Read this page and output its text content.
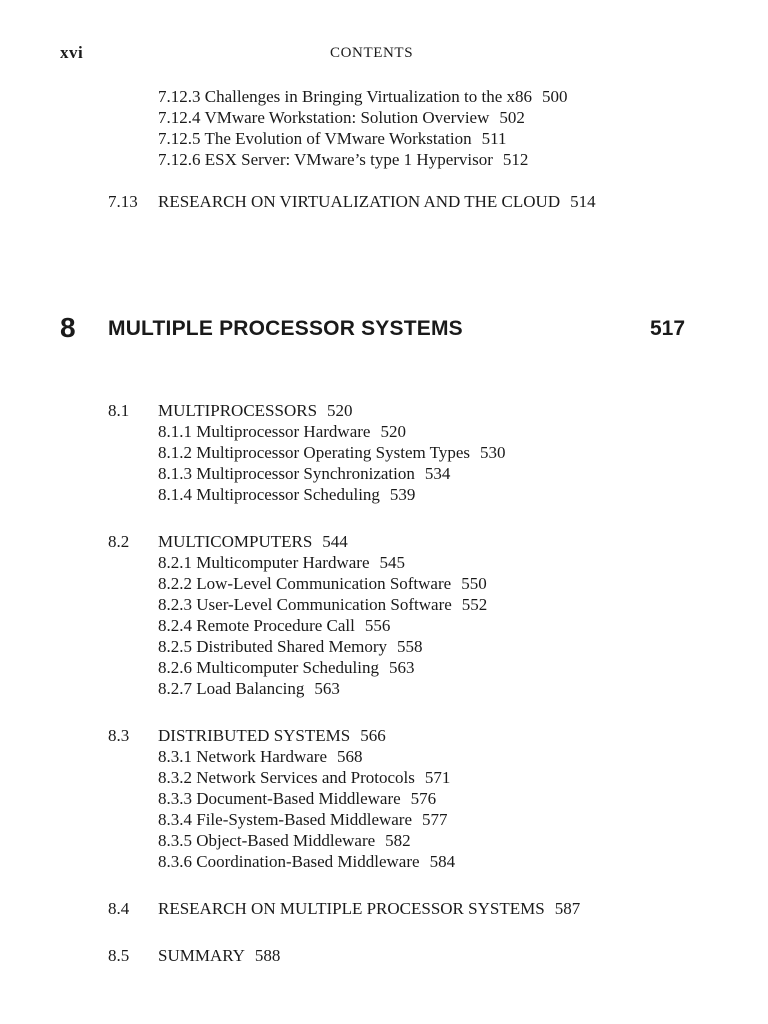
xvi	CONTENTS
7.12.3 Challenges in Bringing Virtualization to the x86 500
7.12.4 VMware Workstation: Solution Overview 502
7.12.5 The Evolution of VMware Workstation 511
7.12.6 ESX Server: VMware’s type 1 Hypervisor 512
7.13 RESEARCH ON VIRTUALIZATION AND THE CLOUD 514
8 MULTIPLE PROCESSOR SYSTEMS	517
8.1 MULTIPROCESSORS 520
8.1.1 Multiprocessor Hardware 520
8.1.2 Multiprocessor Operating System Types 530
8.1.3 Multiprocessor Synchronization 534
8.1.4 Multiprocessor Scheduling 539
8.2 MULTICOMPUTERS 544
8.2.1 Multicomputer Hardware 545
8.2.2 Low-Level Communication Software 550
8.2.3 User-Level Communication Software 552
8.2.4 Remote Procedure Call 556
8.2.5 Distributed Shared Memory 558
8.2.6 Multicomputer Scheduling 563
8.2.7 Load Balancing 563
8.3 DISTRIBUTED SYSTEMS 566
8.3.1 Network Hardware 568
8.3.2 Network Services and Protocols 571
8.3.3 Document-Based Middleware 576
8.3.4 File-System-Based Middleware 577
8.3.5 Object-Based Middleware 582
8.3.6 Coordination-Based Middleware 584
8.4 RESEARCH ON MULTIPLE PROCESSOR SYSTEMS 587
8.5 SUMMARY 588
